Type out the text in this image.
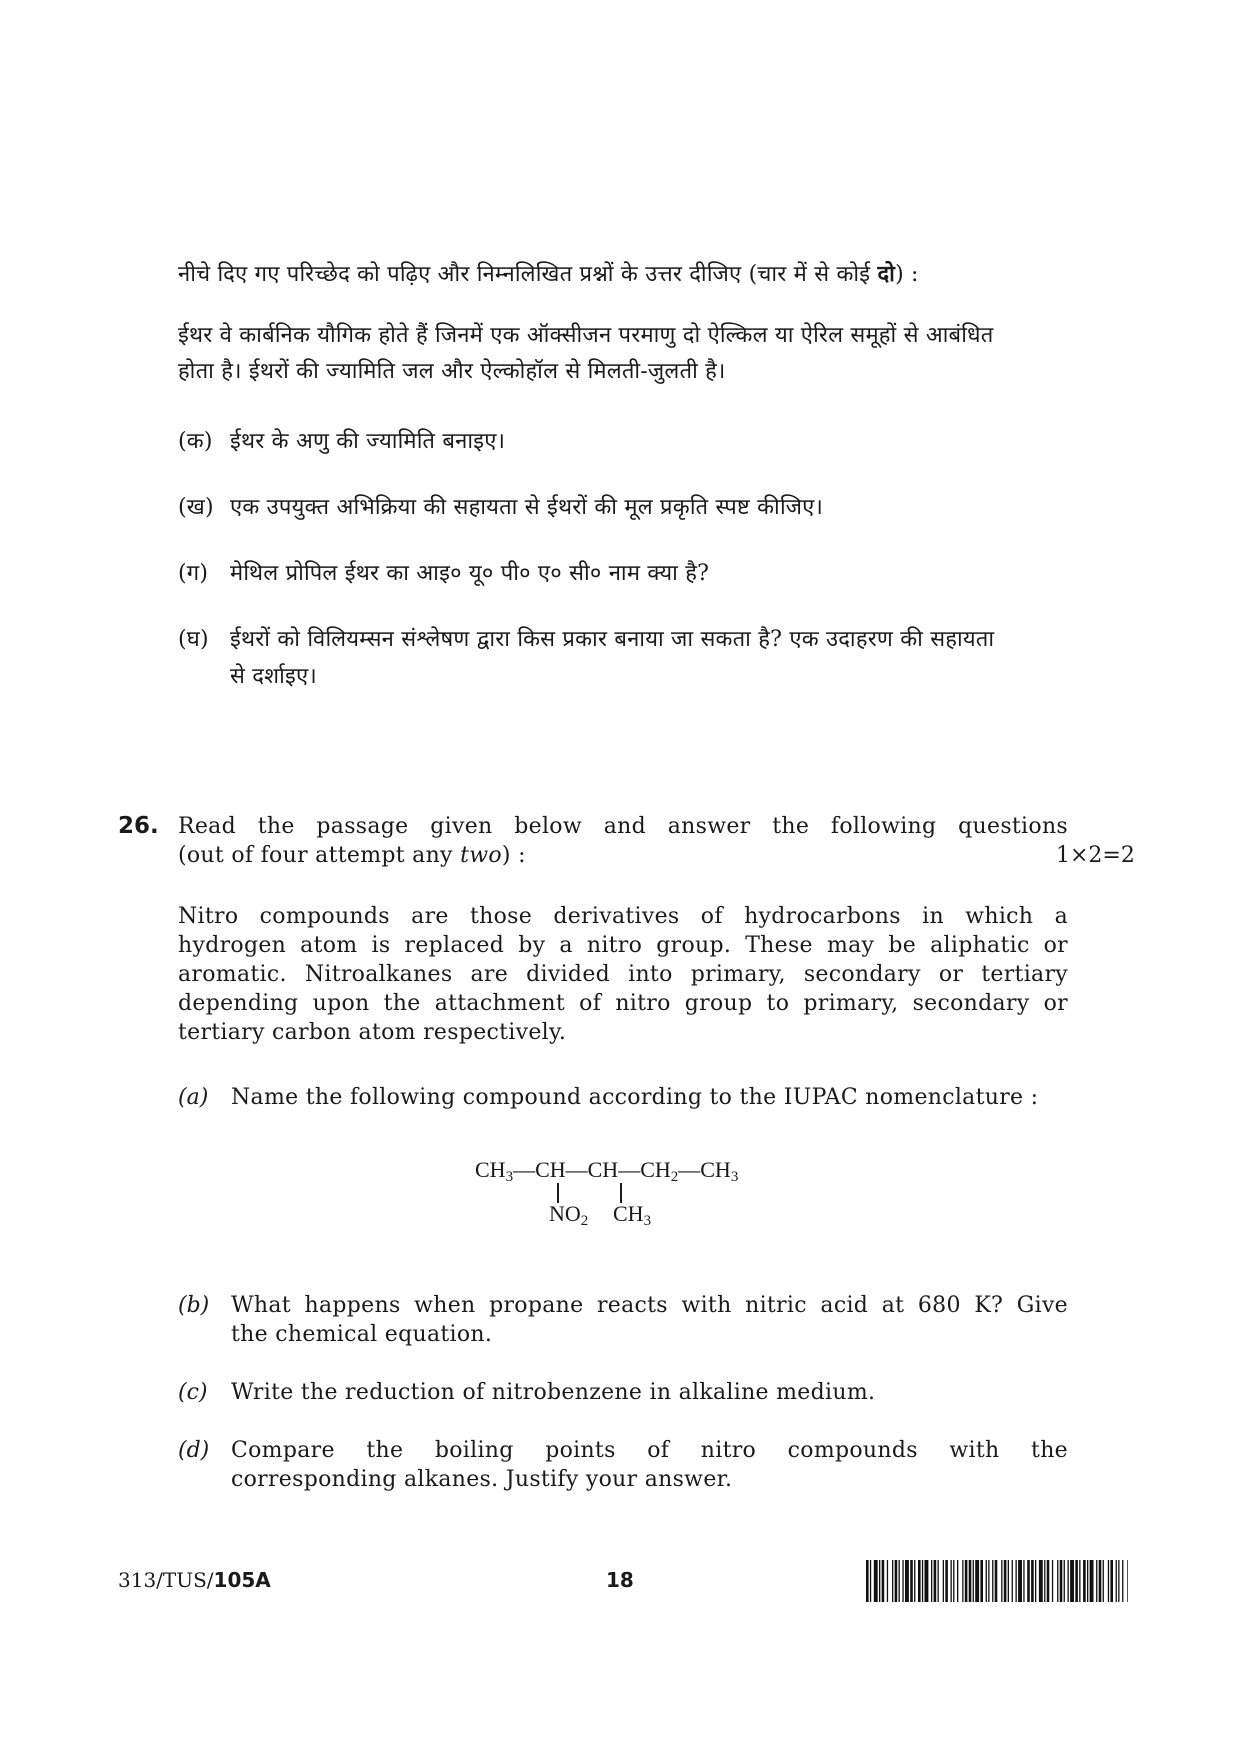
नीचे दिए गए परिच्छेद को पढ़िए और निम्नलिखित प्रश्नों के उत्तर दीजिए (चार में से कोई दो) :
ईथर वे कार्बनिक यौगिक होते हैं जिनमें एक ऑक्सीजन परमाणु दो ऐल्किल या ऐरिल समूहों से आबंधित
होता है। ईथरों की ज्यामिति जल और ऐल्कोहॉल से मिलती-जुलती है।
(क) ईथर के अणु की ज्यामिति बनाइए।
(ख) एक उपयुक्त अभिक्रिया की सहायता से ईथरों की मूल प्रकृति स्पष्ट कीजिए।
(ग) मेथिल प्रोपिल ईथर का आइ० यू० पी० ए० सी० नाम क्या है?
(घ) ईथरों को विलियम्सन संश्लेषण द्वारा किस प्रकार बनाया जा सकता है? एक उदाहरण की सहायता
से दर्शाइए।
26. Read the passage given below and answer the following questions
(out of four attempt any two) :	1×2=2
Nitro compounds are those derivatives of hydrocarbons in which a
hydrogen atom is replaced by a nitro group. These may be aliphatic or
aromatic. Nitroalkanes are divided into primary, secondary or tertiary
depending upon the attachment of nitro group to primary, secondary or
tertiary carbon atom respectively.
(a) Name the following compound according to the IUPAC nomenclature :
$CH_3—CH—CH—CH_2—CH_3$
$NO_2$ $CH_3$
(b) What happens when propane reacts with nitric acid at 680 K? Give
the chemical equation.
(c) Write the reduction of nitrobenzene in alkaline medium.
(d) Compare the boiling points of nitro compounds with the
corresponding alkanes. Justify your answer.
313/TUS/105A	18
